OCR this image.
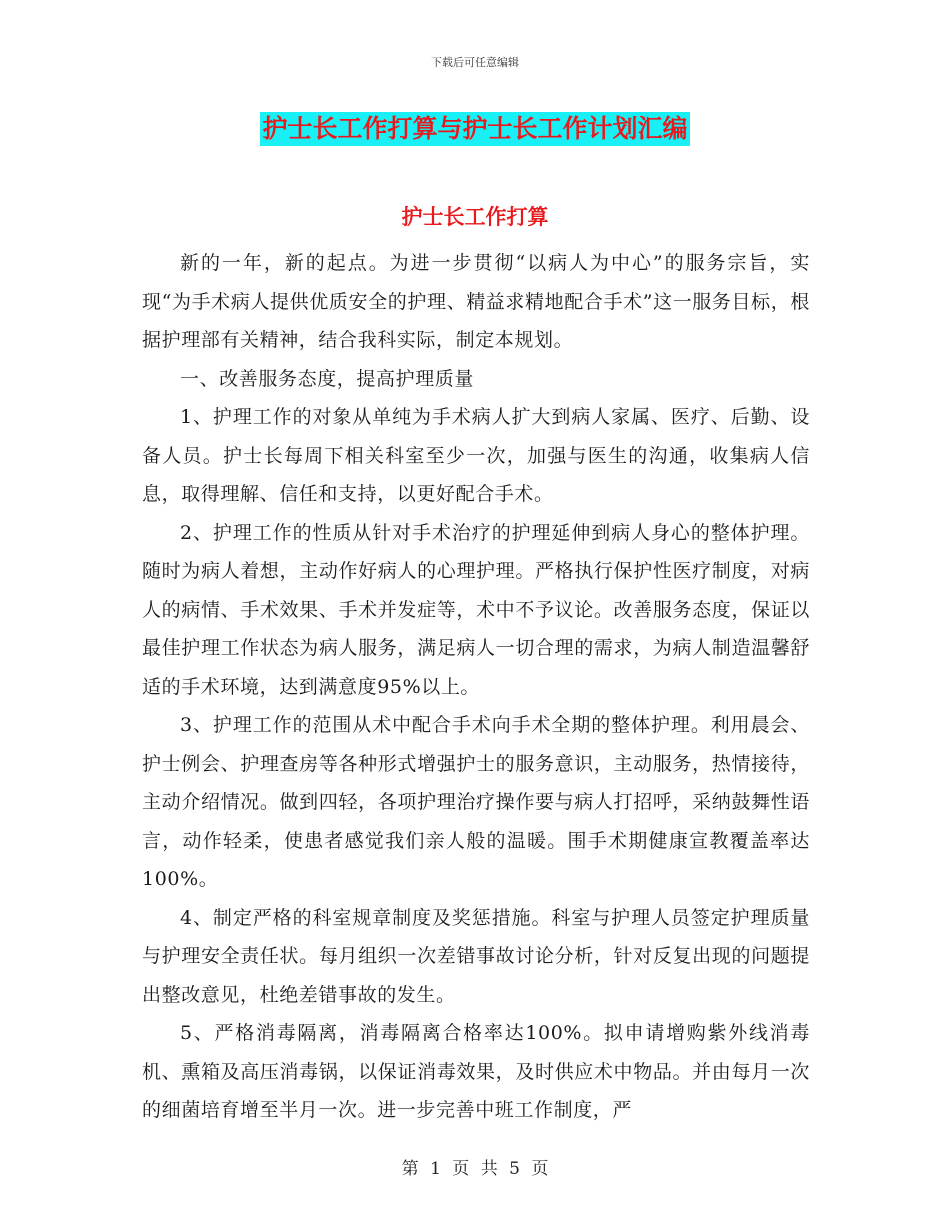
下载后可任意编辑
护士长工作打算与护士长工作计划汇编
护士长工作打算

新的一年，新的起点。为进一步贯彻“以病人为中心”的服务宗旨，实现“为手术病人提供优质安全的护理、精益求精地配合手术”这一服务目标，根据护理部有关精神，结合我科实际，制定本规划。

一、改善服务态度，提高护理质量

1、护理工作的对象从单纯为手术病人扩大到病人家属、医疗、后勤、设备人员。护士长每周下相关科室至少一次，加强与医生的沟通，收集病人信息，取得理解、信任和支持，以更好配合手术。

2、护理工作的性质从针对手术治疗的护理延伸到病人身心的整体护理。随时为病人着想，主动作好病人的心理护理。严格执行保护性医疗制度，对病人的病情、手术效果、手术并发症等，术中不予议论。改善服务态度，保证以最佳护理工作状态为病人服务，满足病人一切合理的需求，为病人制造温馨舒适的手术环境，达到满意度95%以上。

3、护理工作的范围从术中配合手术向手术全期的整体护理。利用晨会、护士例会、护理查房等各种形式增强护士的服务意识，主动服务，热情接待，主动介绍情况。做到四轻，各项护理治疗操作要与病人打招呼，采纳鼓舞性语言，动作轻柔，使患者感觉我们亲人般的温暖。围手术期健康宣教覆盖率达100%。

4、制定严格的科室规章制度及奖惩措施。科室与护理人员签定护理质量与护理安全责任状。每月组织一次差错事故讨论分析，针对反复出现的问题提出整改意见，杜绝差错事故的发生。

5、严格消毒隔离，消毒隔离合格率达100%。拟申请增购紫外线消毒机、熏箱及高压消毒锅，以保证消毒效果，及时供应术中物品。并由每月一次的细菌培育增至半月一次。进一步完善中班工作制度，严

第 1 页 共 5 页
